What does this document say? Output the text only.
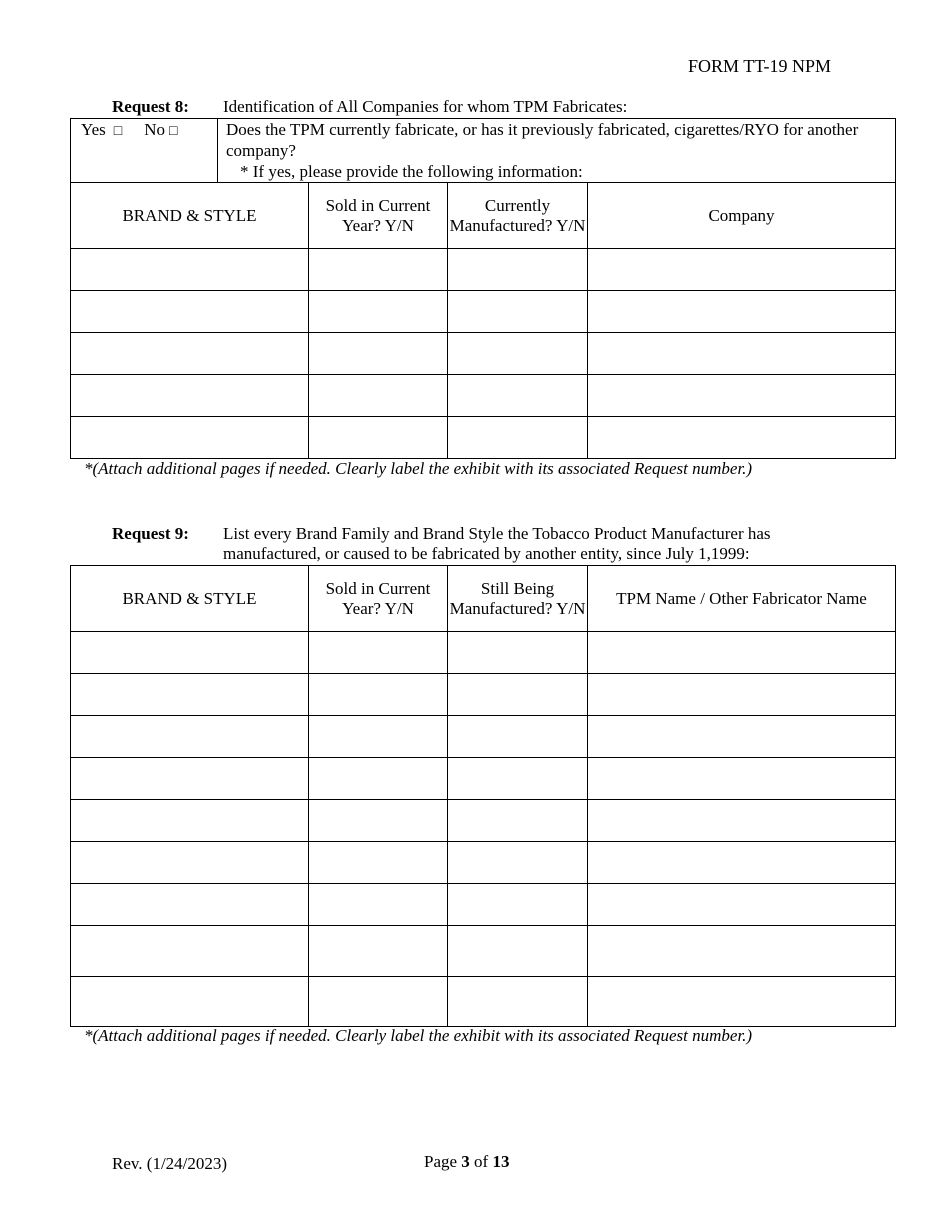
FORM TT-19 NPM
Request 8: Identification of All Companies for whom TPM Fabricates:
Yes □ No □	Does the TPM currently fabricate, or has it previously fabricated, cigarettes/RYO for another company?
* If yes, please provide the following information:
BRAND & STYLE	Sold in Current Year? Y/N	Currently Manufactured? Y/N	Company

*(Attach additional pages if needed. Clearly label the exhibit with its associated Request number.)
Request 9: List every Brand Family and Brand Style the Tobacco Product Manufacturer has
manufactured, or caused to be fabricated by another entity, since July 1,1999:
BRAND & STYLE	Sold in Current Year? Y/N	Still Being Manufactured? Y/N	TPM Name / Other Fabricator Name

*(Attach additional pages if needed. Clearly label the exhibit with its associated Request number.)
Rev. (1/24/2023)	Page 3 of 13
